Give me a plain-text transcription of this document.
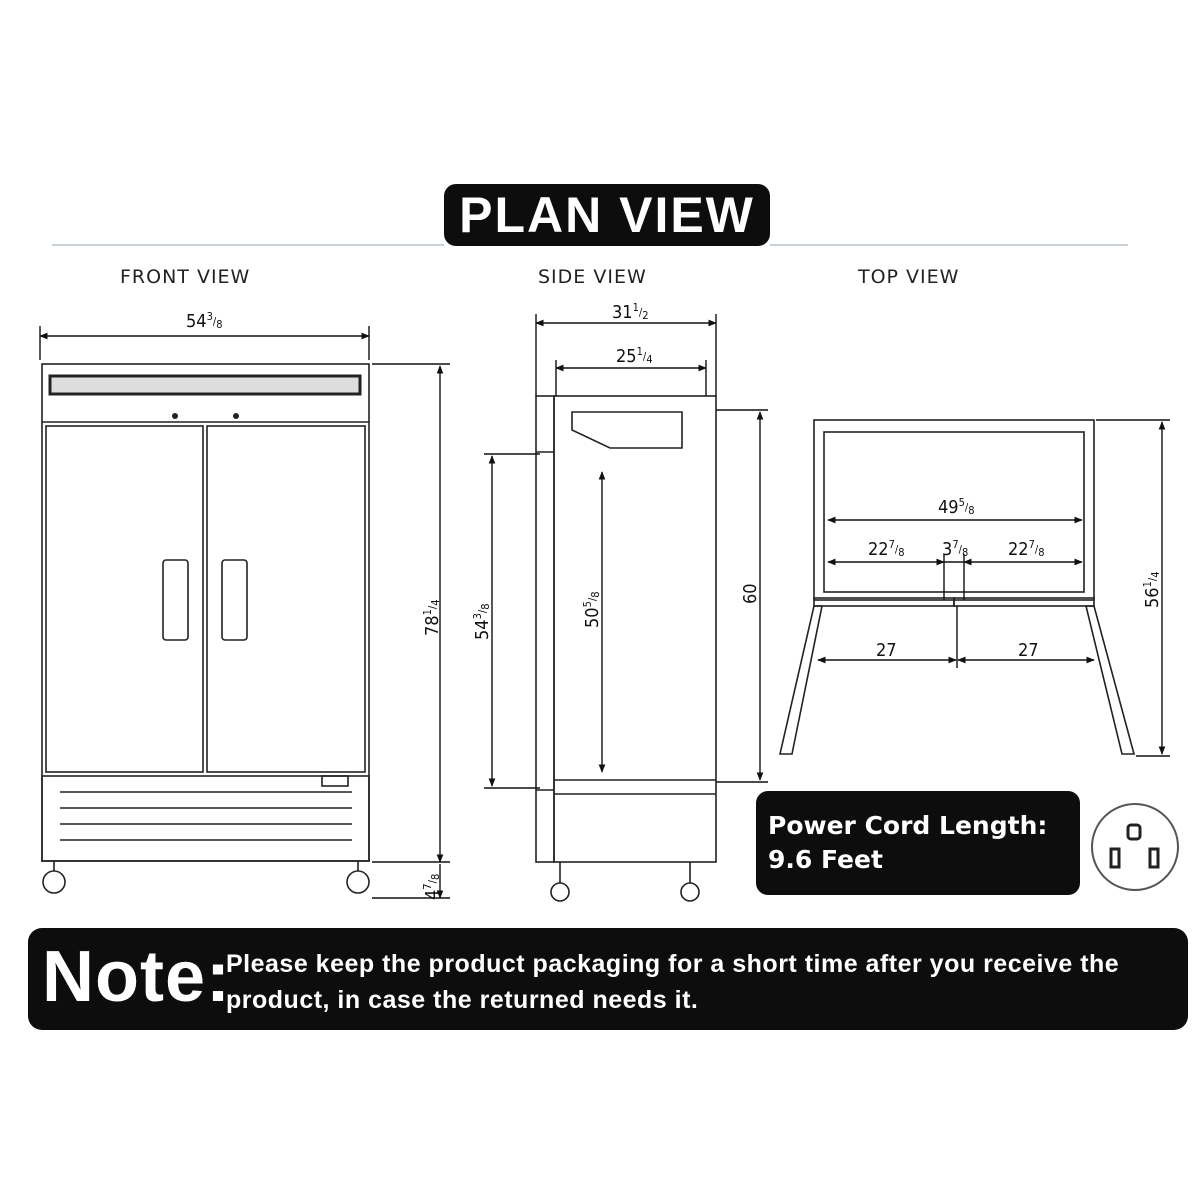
PLAN VIEW
FRONT VIEW	SIDE VIEW	TOP VIEW
$54^3_/8$
$78^1_/4$
$4^7_/8$
$31^1_/2$
$25^1_/4$
$54^3_/8$
$50^5_/8$	60
$49^5_/8$
$22^7_/8$ $3^7_/8$ $22^7_/8$
27	27
$56^1_/4$
Power Cord Length:
9.6 Feet
Note:
Please keep the product packaging for a short time after you receive the product, in case the returned needs it.
